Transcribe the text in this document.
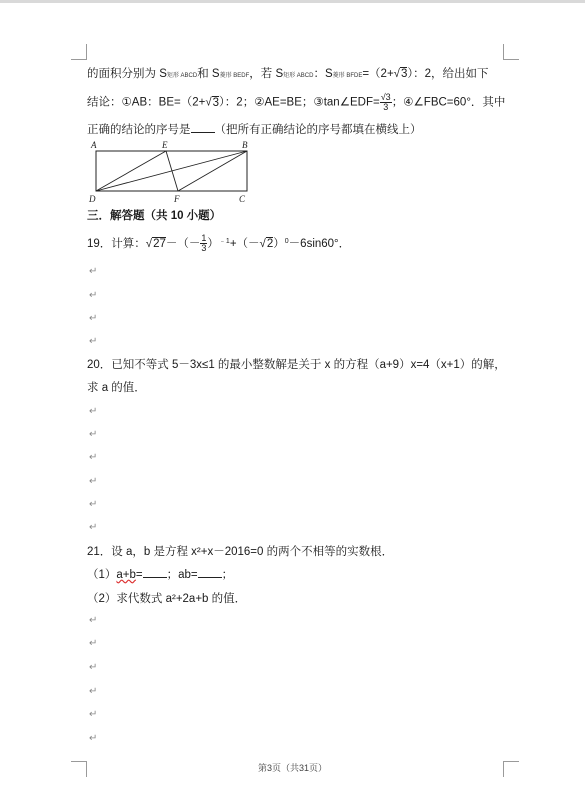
的面积分别为 S矩形 ABCD和 S菱形 BEDF，若 S矩形 ABCD：S菱形 BFDE=（2+√3）：2，给出如下
结论：①AB：BE=（2+√3）：2；②AE=BE；③tan∠EDF= $\frac{√3}{3}$ ；④∠FBC=60°．其中
正确的结论的序号是 （把所有正确结论的序号都填在横线上）
A	E	B
D	F	C
三．解答题（共 10 小题）
19．计算：$√27-(- \frac{1}{3} )^{﹣1}+(-√2)^0-6\sin 60^\circ$．
↵
↵
↵
↵
20．已知不等式 5－3x≤1 的最小整数解是关于 x 的方程（a+9）x=4（x+1）的解，
求 a 的值．
↵
↵
↵
↵
↵
↵
21．设 a，b 是方程 x²+x－2016=0 的两个不相等的实数根．
（1）a+b= ；ab= ；
（2）求代数式 a²+2a+b 的值．
↵
↵
↵
↵
↵
↵
第3页（共31页）
